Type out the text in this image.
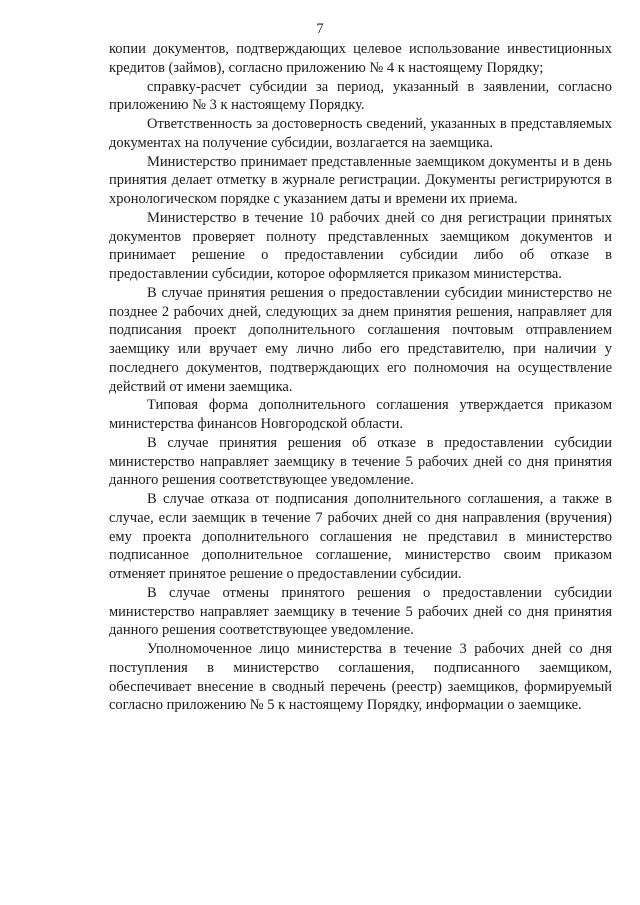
7

копии документов, подтверждающих целевое использование инвестиционных кредитов (займов), согласно приложению № 4 к настоящему Порядку;

справку-расчет субсидии за период, указанный в заявлении, согласно приложению № 3 к настоящему Порядку.

Ответственность за достоверность сведений, указанных в представляемых документах на получение субсидии, возлагается на заемщика.

Министерство принимает представленные заемщиком документы и в день принятия делает отметку в журнале регистрации. Документы регистрируются в хронологическом порядке с указанием даты и времени их приема.

Министерство в течение 10 рабочих дней со дня регистрации принятых документов проверяет полноту представленных заемщиком документов и принимает решение о предоставлении субсидии либо об отказе в предоставлении субсидии, которое оформляется приказом министерства.

В случае принятия решения о предоставлении субсидии министерство не позднее 2 рабочих дней, следующих за днем принятия решения, направляет для подписания проект дополнительного соглашения почтовым отправлением заемщику или вручает ему лично либо его представителю, при наличии у последнего документов, подтверждающих его полномочия на осуществление действий от имени заемщика.

Типовая форма дополнительного соглашения утверждается приказом министерства финансов Новгородской области.

В случае принятия решения об отказе в предоставлении субсидии министерство направляет заемщику в течение 5 рабочих дней со дня принятия данного решения соответствующее уведомление.

В случае отказа от подписания дополнительного соглашения, а также в случае, если заемщик в течение 7 рабочих дней со дня направления (вручения) ему проекта дополнительного соглашения не представил в министерство подписанное дополнительное соглашение, министерство своим приказом отменяет принятое решение о предоставлении субсидии.

В случае отмены принятого решения о предоставлении субсидии министерство направляет заемщику в течение 5 рабочих дней со дня принятия данного решения соответствующее уведомление.

Уполномоченное лицо министерства в течение 3 рабочих дней со дня поступления в министерство соглашения, подписанного заемщиком, обеспечивает внесение в сводный перечень (реестр) заемщиков, формируемый согласно приложению № 5 к настоящему Порядку, информации о заемщике.
